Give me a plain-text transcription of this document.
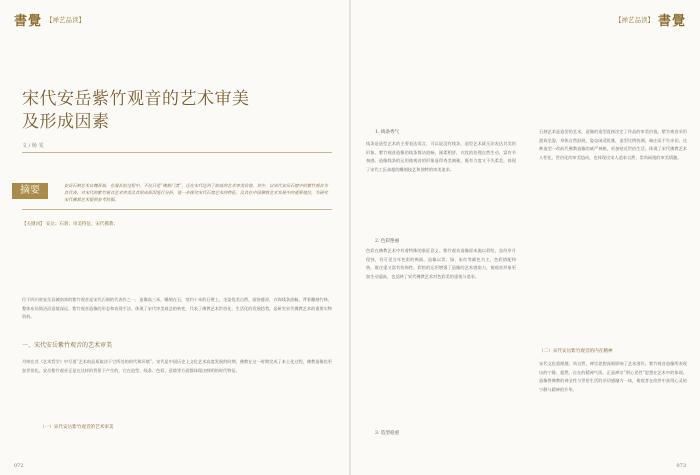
書覺 【禅艺品读】
宋代安岳紫竹观音的艺术审美及形成因素
文 / 杨 雯
摘要	安岳石刻艺术自魏晋始，在漫长的过程中，不仅只是“佛教门类”，还在宋代达到了较高的艺术审美价值，其中，以宋代安岳石窟中的紫竹观音为其代表。对宋代的紫竹观音艺术审美及其形成原因进行分析，进一步探究宋代石窟艺术的特征，及其在中国佛教艺术发展中的重要地位，为研究宋代佛教艺术提供参考依据。
【关键词】 安岳；石刻；审美特征；宋代佛教；
位于四川省安岳县城南郊的紫竹观音是宋代石刻的代表作之一，造像高三米，雕刻在石，宽约十米的石壁上，坐姿优美自然，面容慈祥，衣饰线条流畅，背景雕刻竹林，整体布局简洁而意境深远。紫竹观音造像的形态和表现手法，体现了宋代审美观念的转变，代表了佛教艺术世俗化、生活化的发展趋势，是研究宋代佛教艺术的重要实物资料。
一、宋代安岳紫竹观音的艺术审美
丹纳在其《艺术哲学》中写道“艺术的品质取决于它所处的时代和环境”。宋代是中国历史上文化艺术高度发展的时期，佛教在这一时期完成了本土化过程，佛教造像也更加世俗化。安岳紫竹观音正是在这样的背景下产生的，它在造型、线条、色彩、意境等方面都体现出鲜明的时代特征。
（一）宋代安岳紫竹观音的艺术审美
072
【禅艺品读】 書覺
1. 线条秀气
线条是造型艺术的主要表达语言，可以说没有线条，造型艺术就无法表达其美的形象。紫竹观音造像的线条简洁流畅，刚柔相济，衣纹的处理自然生动，富有节奏感。造像线条的运用使观音的形象显得秀美典雅，既有力度又不失柔美，体现了宋代工匠高超的雕刻技艺和独特的审美追求。
2. 色彩艳丽
色彩在佛教艺术中有着特殊的象征意义。紫竹观音造像原本施以彩绘，虽经岁月侵蚀，仍可见当年色彩的绚丽。造像以青、绿、朱红等颜色为主，色彩搭配和谐，既庄重又富有装饰性。彩绘的运用增强了造像的艺术感染力，使观音形象更加生动逼真，也反映了宋代佛教艺术对色彩美的重视与追求。
3. 造型稳重
石刻艺术是造型的艺术，造像的造型直接决定了作品的审美价值。紫竹观音采用游戏坐姿，身体自然舒展，姿态闲适优雅，造型比例协调，端庄而不失亲切。这种造型一改前代佛教造像的威严神秘，更加贴近世俗生活，体现了宋代佛教艺术人性化、世俗化的审美趋向，也体现出宋人追求自然、崇尚闲逸的审美情趣。
（二）宋代安岳紫竹观音的内在精神
宋代文化重理趣、尚自然，禅宗思想深刻影响了艺术创作。紫竹观音造像所表现出的宁静、超然、自在的精神气质，正是禅宗“明心见性”思想在艺术中的体现。造像将佛教的神圣性与世俗生活的亲切感融为一体，使观者在欣赏中获得心灵的宁静与精神的升华。
073
